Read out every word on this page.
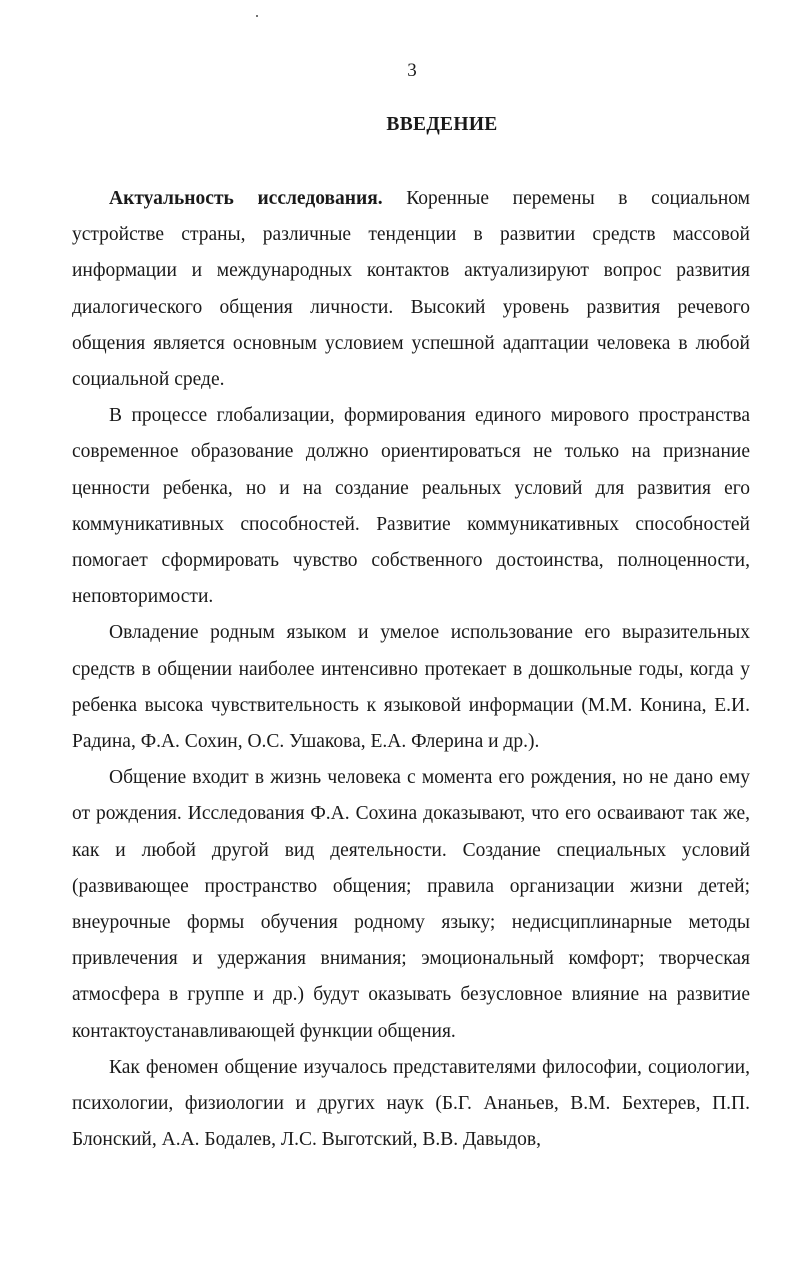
3
ВВЕДЕНИЕ

Актуальность исследования. Коренные перемены в социальном устройстве страны, различные тенденции в развитии средств массовой информации и международных контактов актуализируют вопрос развития диалогического общения личности. Высокий уровень развития речевого общения является основным условием успешной адаптации человека в любой социальной среде.

В процессе глобализации, формирования единого мирового пространства современное образование должно ориентироваться не только на признание ценности ребенка, но и на создание реальных условий для развития его коммуникативных способностей. Развитие коммуникативных способностей помогает сформировать чувство собственного достоинства, полноценности, неповторимости.

Овладение родным языком и умелое использование его выразительных средств в общении наиболее интенсивно протекает в дошкольные годы, когда у ребенка высока чувствительность к языковой информации (М.М. Конина, Е.И. Радина, Ф.А. Сохин, О.С. Ушакова, Е.А. Флерина и др.).

Общение входит в жизнь человека с момента его рождения, но не дано ему от рождения. Исследования Ф.А. Сохина доказывают, что его осваивают так же, как и любой другой вид деятельности. Создание специальных условий (развивающее пространство общения; правила организации жизни детей; внеурочные формы обучения родному языку; недисциплинарные методы привлечения и удержания внимания; эмоциональный комфорт; творческая атмосфера в группе и др.) будут оказывать безусловное влияние на развитие контактоустанавливающей функции общения.

Как феномен общение изучалось представителями философии, социологии, психологии, физиологии и других наук (Б.Г. Ананьев, В.М. Бехтерев, П.П. Блонский, А.А. Бодалев, Л.С. Выготский, В.В. Давыдов,
